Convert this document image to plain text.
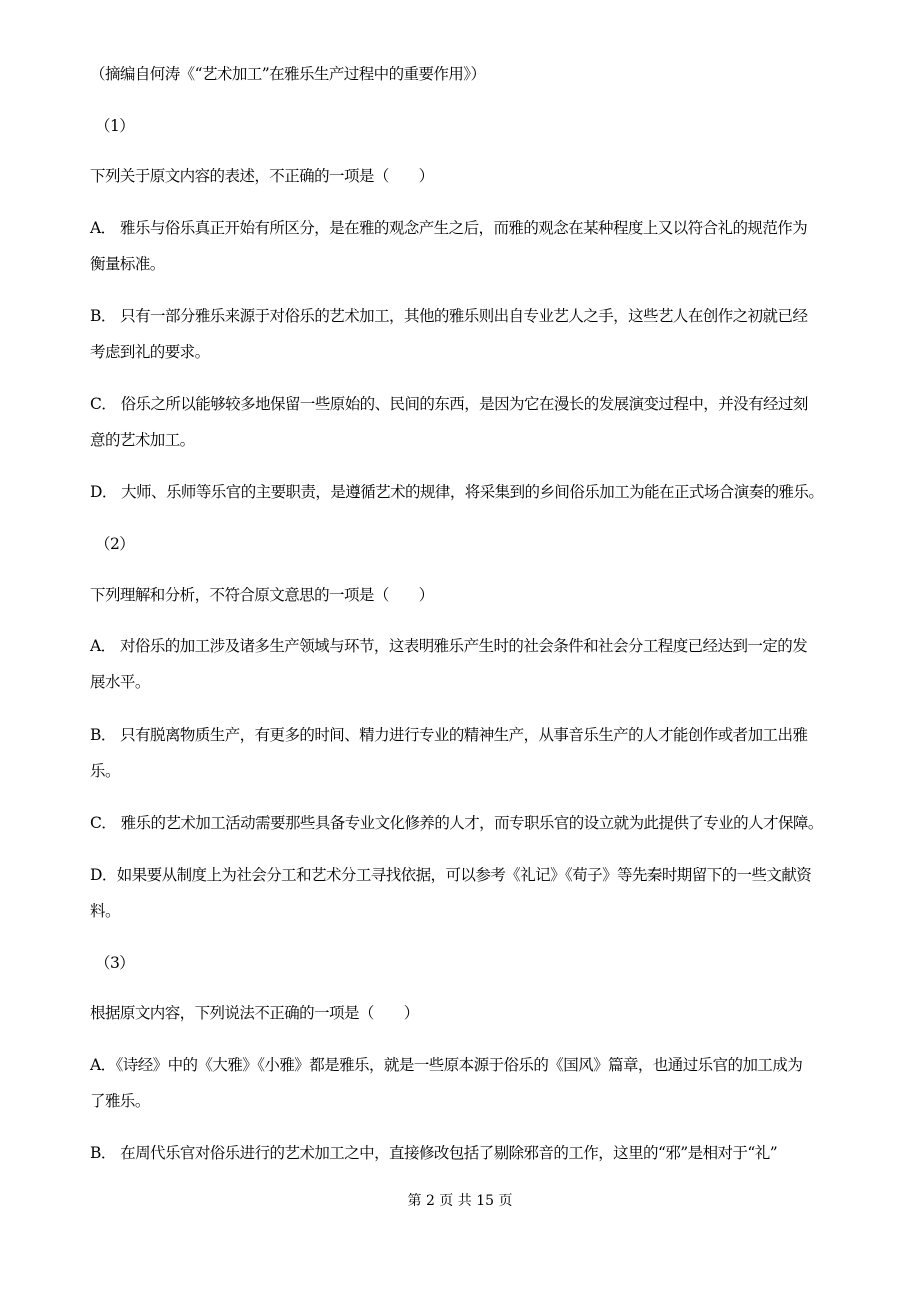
（摘编自何涛《“艺术加工”在雅乐生产过程中的重要作用》）
（1）
下列关于原文内容的表述，不正确的一项是（　　）
A． 雅乐与俗乐真正开始有所区分，是在雅的观念产生之后，而雅的观念在某种程度上又以符合礼的规范作为
衡量标准。
B． 只有一部分雅乐来源于对俗乐的艺术加工，其他的雅乐则出自专业艺人之手，这些艺人在创作之初就已经
考虑到礼的要求。
C． 俗乐之所以能够较多地保留一些原始的、民间的东西，是因为它在漫长的发展演变过程中，并没有经过刻
意的艺术加工。
D． 大师、乐师等乐官的主要职责，是遵循艺术的规律，将采集到的乡间俗乐加工为能在正式场合演奏的雅乐。
（2）
下列理解和分析，不符合原文意思的一项是（　　）
A． 对俗乐的加工涉及诸多生产领域与环节，这表明雅乐产生时的社会条件和社会分工程度已经达到一定的发
展水平。
B． 只有脱离物质生产，有更多的时间、精力进行专业的精神生产，从事音乐生产的人才能创作或者加工出雅
乐。
C． 雅乐的艺术加工活动需要那些具备专业文化修养的人才，而专职乐官的设立就为此提供了专业的人才保障。
D．如果要从制度上为社会分工和艺术分工寻找依据，可以参考《礼记》《荀子》等先秦时期留下的一些文献资
料。
（3）
根据原文内容，下列说法不正确的一项是（　　）
A．《诗经》中的《大雅》《小雅》都是雅乐，就是一些原本源于俗乐的《国风》篇章，也通过乐官的加工成为
了雅乐。
B． 在周代乐官对俗乐进行的艺术加工之中，直接修改包括了剔除邪音的工作，这里的“邪”是相对于“礼”
第 2 页 共 15 页
